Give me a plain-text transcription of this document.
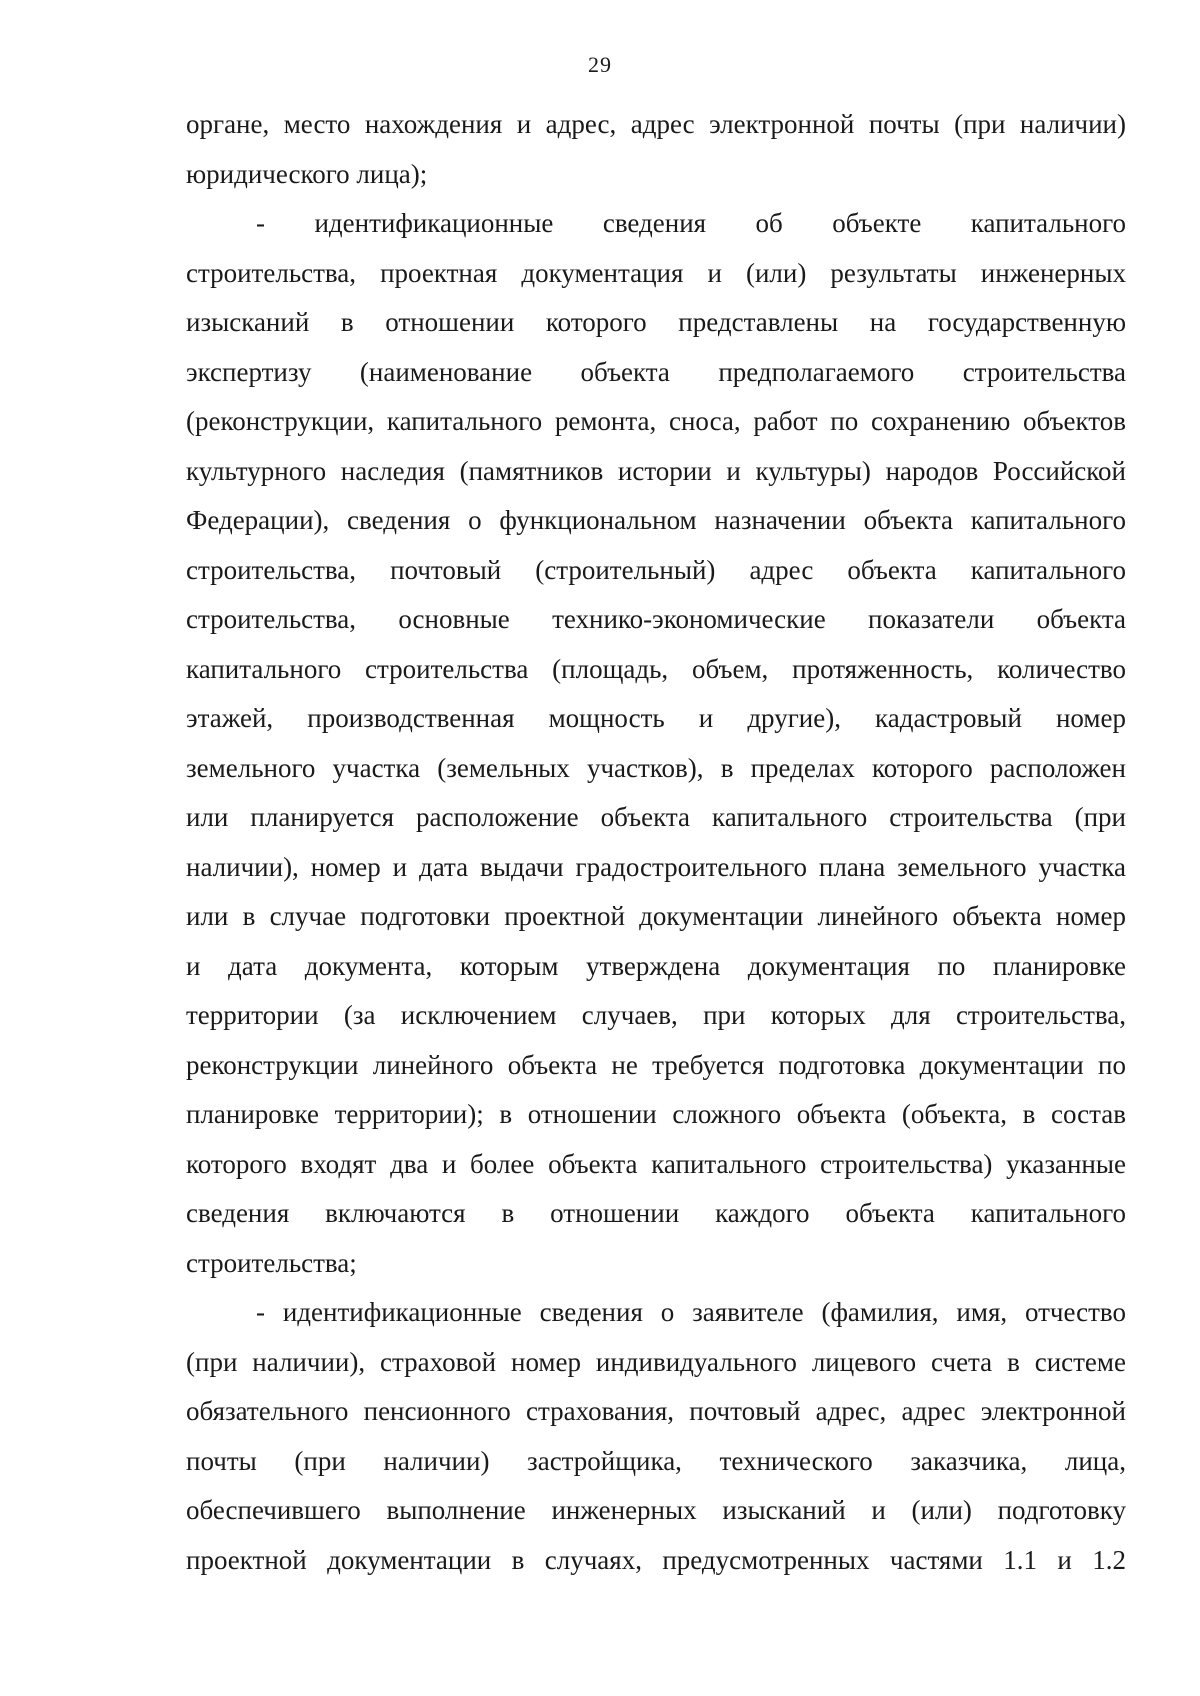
29
органе, место нахождения и адрес, адрес электронной почты (при наличии)
юридического лица);
- идентификационные сведения об объекте капитального
строительства, проектная документация и (или) результаты инженерных
изысканий в отношении которого представлены на государственную
экспертизу (наименование объекта предполагаемого строительства
(реконструкции, капитального ремонта, сноса, работ по сохранению объектов
культурного наследия (памятников истории и культуры) народов Российской
Федерации), сведения о функциональном назначении объекта капитального
строительства, почтовый (строительный) адрес объекта капитального
строительства, основные технико-экономические показатели объекта
капитального строительства (площадь, объем, протяженность, количество
этажей, производственная мощность и другие), кадастровый номер
земельного участка (земельных участков), в пределах которого расположен
или планируется расположение объекта капитального строительства (при
наличии), номер и дата выдачи градостроительного плана земельного участка
или в случае подготовки проектной документации линейного объекта номер
и дата документа, которым утверждена документация по планировке
территории (за исключением случаев, при которых для строительства,
реконструкции линейного объекта не требуется подготовка документации по
планировке территории); в отношении сложного объекта (объекта, в состав
которого входят два и более объекта капитального строительства) указанные
сведения включаются в отношении каждого объекта капитального
строительства;
- идентификационные сведения о заявителе (фамилия, имя, отчество
(при наличии), страховой номер индивидуального лицевого счета в системе
обязательного пенсионного страхования, почтовый адрес, адрес электронной
почты (при наличии) застройщика, технического заказчика, лица,
обеспечившего выполнение инженерных изысканий и (или) подготовку
проектной документации в случаях, предусмотренных частями 1.1 и 1.2
